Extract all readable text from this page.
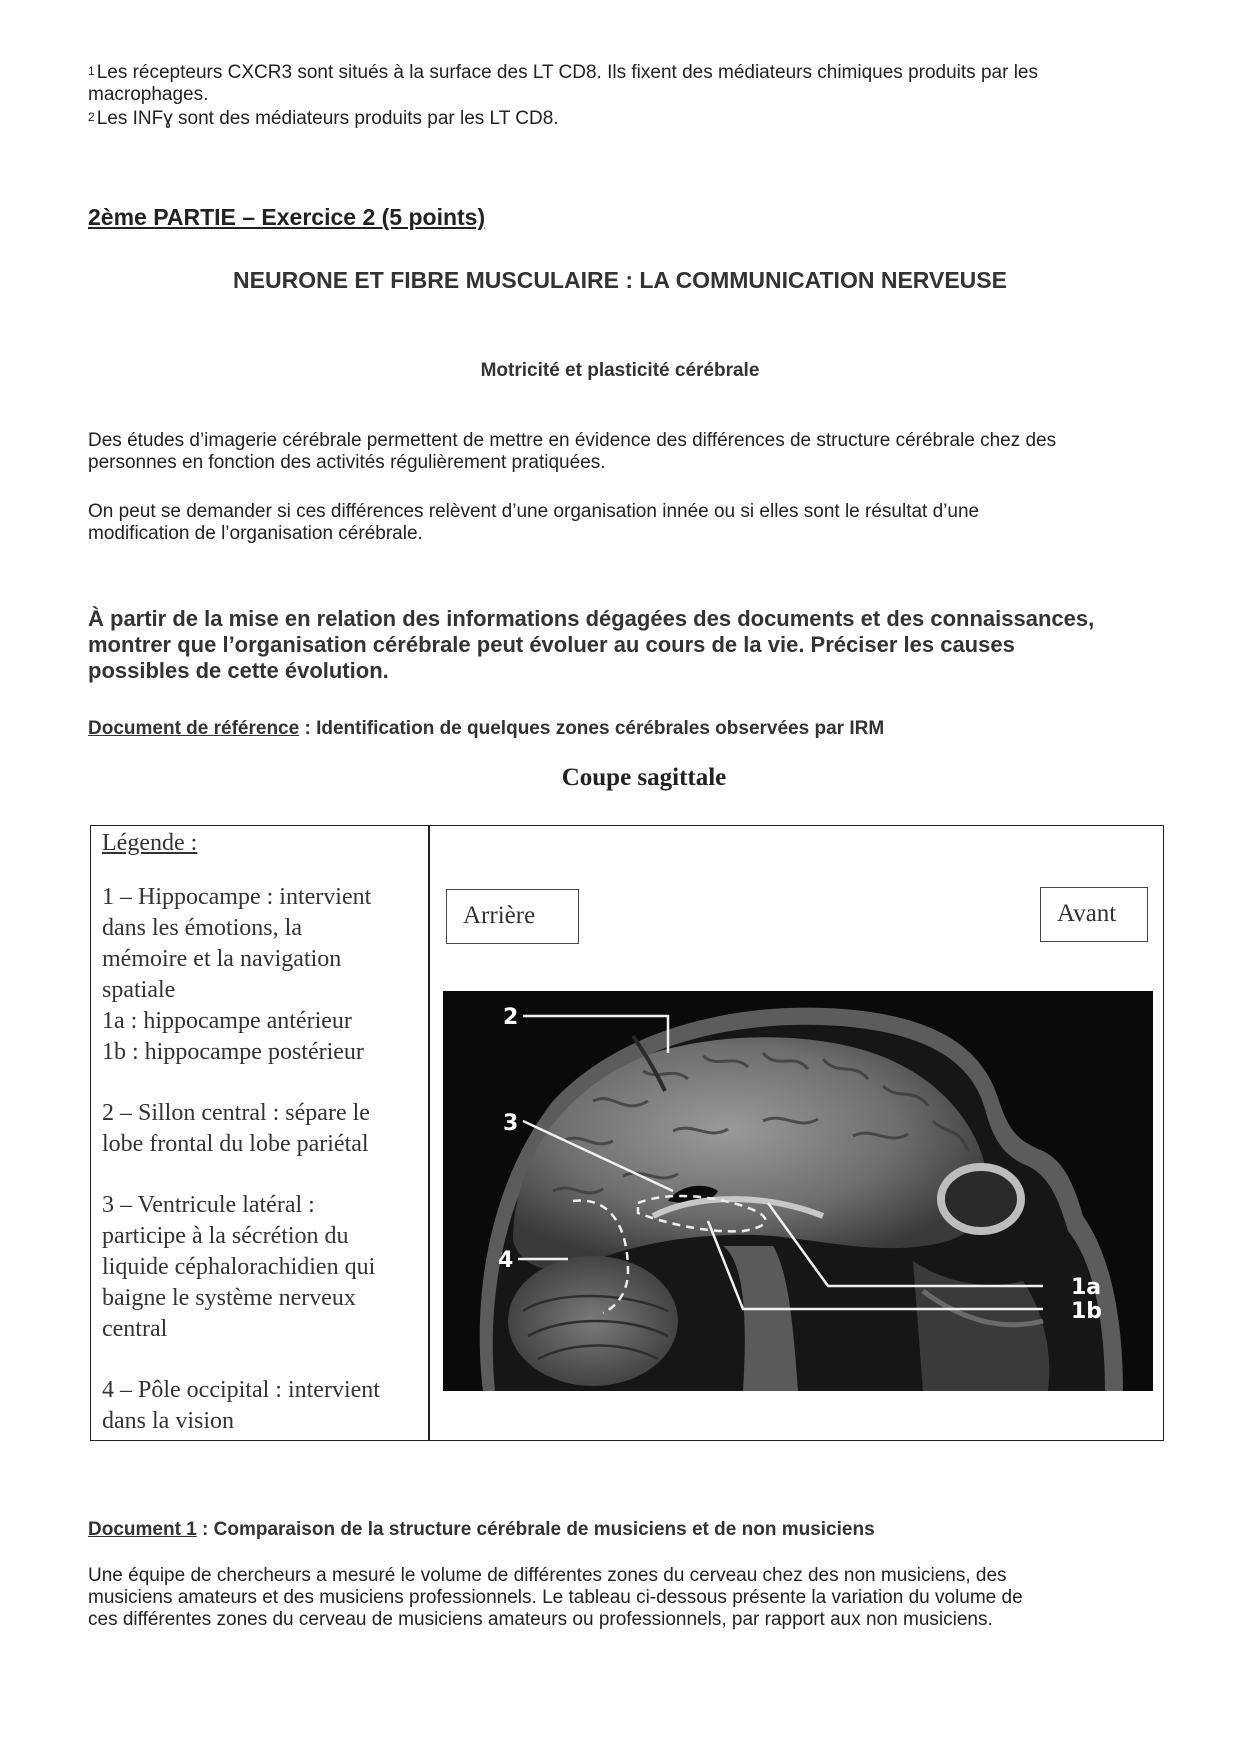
$^1$ Les récepteurs CXCR3 sont situés à la surface des LT CD8. Ils fixent des médiateurs chimiques produits par les
macrophages.
$^2$ Les INFɣ sont des médiateurs produits par les LT CD8.
2ème PARTIE – Exercice 2 (5 points)
NEURONE ET FIBRE MUSCULAIRE : LA COMMUNICATION NERVEUSE
Motricité et plasticité cérébrale
Des études d’imagerie cérébrale permettent de mettre en évidence des différences de structure cérébrale chez des
personnes en fonction des activités régulièrement pratiquées.
On peut se demander si ces différences relèvent d’une organisation innée ou si elles sont le résultat d’une
modification de l’organisation cérébrale.
À partir de la mise en relation des informations dégagées des documents et des connaissances,
montrer que l’organisation cérébrale peut évoluer au cours de la vie. Préciser les causes
possibles de cette évolution.
Document de référence : Identification de quelques zones cérébrales observées par IRM
Coupe sagittale

Légende :

1 – Hippocampe : intervient

dans les émotions, la

mémoire et la navigation

spatiale

1a : hippocampe antérieur

1b : hippocampe postérieur

2 – Sillon central : sépare le

lobe frontal du lobe pariétal

3 – Ventricule latéral :

participe à la sécrétion du

liquide céphalorachidien qui

baigne le système nerveux

central

4 – Pôle occipital : intervient

dans la vision

Arrière	Avant
2
3
4
1a
1b
Document 1 : Comparaison de la structure cérébrale de musiciens et de non musiciens
Une équipe de chercheurs a mesuré le volume de différentes zones du cerveau chez des non musiciens, des
musiciens amateurs et des musiciens professionnels. Le tableau ci-dessous présente la variation du volume de
ces différentes zones du cerveau de musiciens amateurs ou professionnels, par rapport aux non musiciens.
